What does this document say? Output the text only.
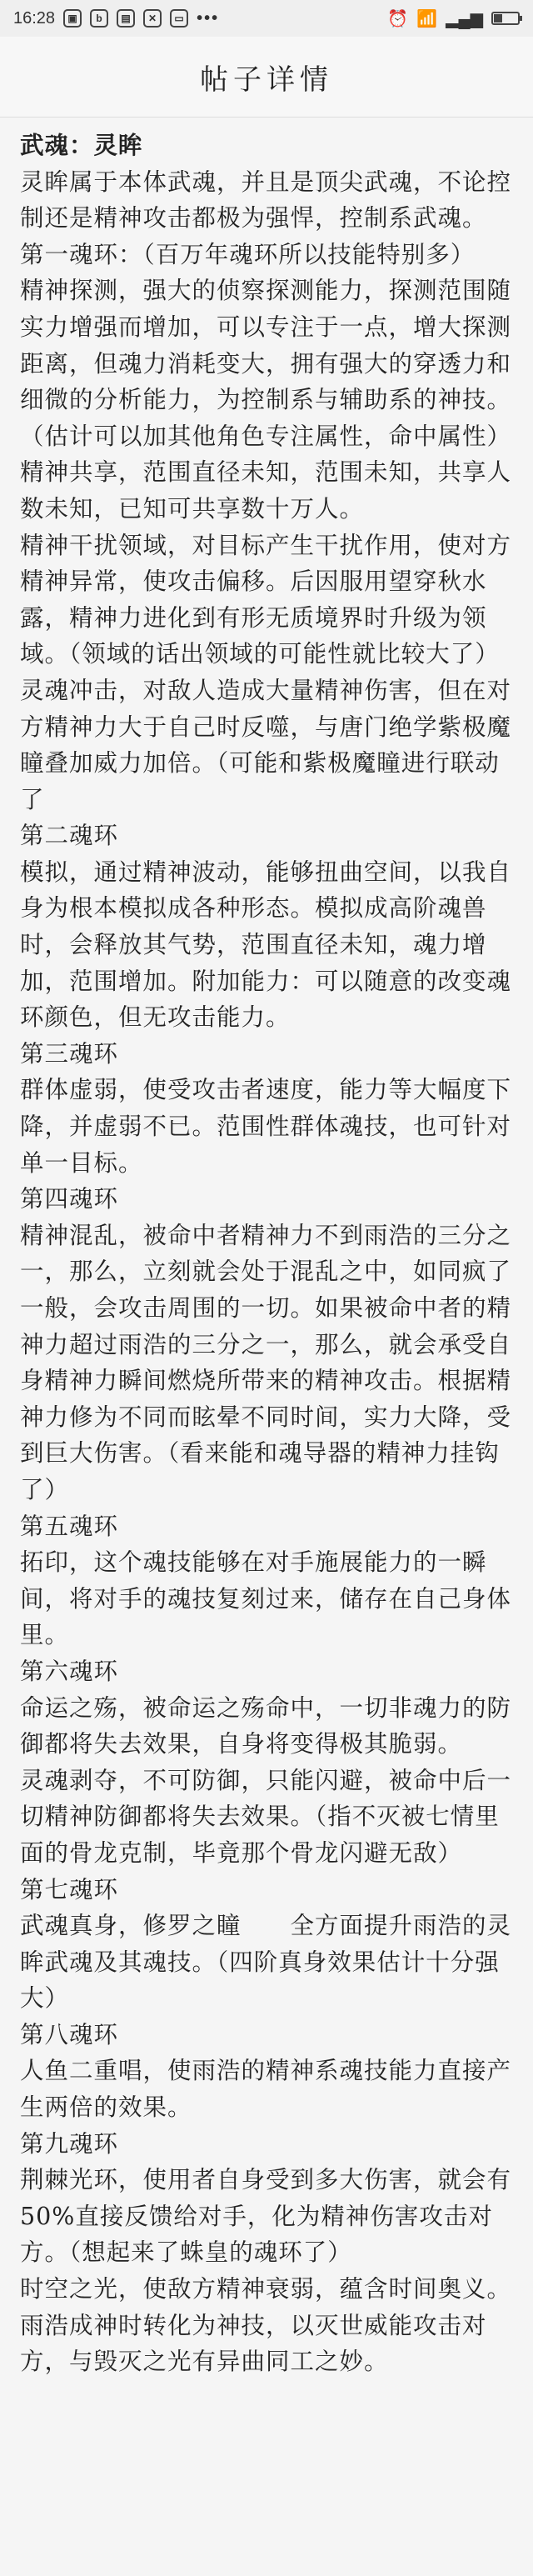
16:28	▣	b	▤	✕	▭ •••	⏰ 📶 ▂▄▆
帖子详情

武魂：灵眸

灵眸属于本体武魂，并且是顶尖武魂，不论控制还是精神攻击都极为强悍，控制系武魂。

第一魂环：（百万年魂环所以技能特别多）

精神探测，强大的侦察探测能力，探测范围随实力增强而增加，可以专注于一点，增大探测距离，但魂力消耗变大，拥有强大的穿透力和细微的分析能力，为控制系与辅助系的神技。（估计可以加其他角色专注属性，命中属性）

精神共享，范围直径未知，范围未知，共享人数未知，已知可共享数十万人。

精神干扰领域，对目标产生干扰作用，使对方精神异常，使攻击偏移。后因服用望穿秋水露，精神力进化到有形无质境界时升级为领域。（领域的话出领域的可能性就比较大了）

灵魂冲击，对敌人造成大量精神伤害，但在对方精神力大于自己时反噬，与唐门绝学紫极魔瞳叠加威力加倍。（可能和紫极魔瞳进行联动了

第二魂环

模拟，通过精神波动，能够扭曲空间，以我自身为根本模拟成各种形态。模拟成高阶魂兽时，会释放其气势，范围直径未知，魂力增加，范围增加。附加能力：可以随意的改变魂环颜色，但无攻击能力。

第三魂环

群体虚弱，使受攻击者速度，能力等大幅度下降，并虚弱不已。范围性群体魂技，也可针对单一目标。

第四魂环

精神混乱，被命中者精神力不到雨浩的三分之一，那么，立刻就会处于混乱之中，如同疯了一般，会攻击周围的一切。如果被命中者的精神力超过雨浩的三分之一，那么，就会承受自身精神力瞬间燃烧所带来的精神攻击。根据精神力修为不同而眩晕不同时间，实力大降，受到巨大伤害。（看来能和魂导器的精神力挂钩了）

第五魂环

拓印，这个魂技能够在对手施展能力的一瞬间，将对手的魂技复刻过来，储存在自己身体里。

第六魂环

命运之殇，被命运之殇命中，一切非魂力的防御都将失去效果，自身将变得极其脆弱。

灵魂剥夺，不可防御，只能闪避，被命中后一切精神防御都将失去效果。（指不灭被七情里面的骨龙克制，毕竟那个骨龙闪避无敌）

第七魂环

武魂真身，修罗之瞳　　全方面提升雨浩的灵眸武魂及其魂技。（四阶真身效果估计十分强大）

第八魂环

人鱼二重唱，使雨浩的精神系魂技能力直接产生两倍的效果。

第九魂环

荆棘光环，使用者自身受到多大伤害，就会有50%直接反馈给对手，化为精神伤害攻击对方。（想起来了蛛皇的魂环了）

时空之光，使敌方精神衰弱，蕴含时间奥义。雨浩成神时转化为神技，以灭世威能攻击对方，与毁灭之光有异曲同工之妙。
